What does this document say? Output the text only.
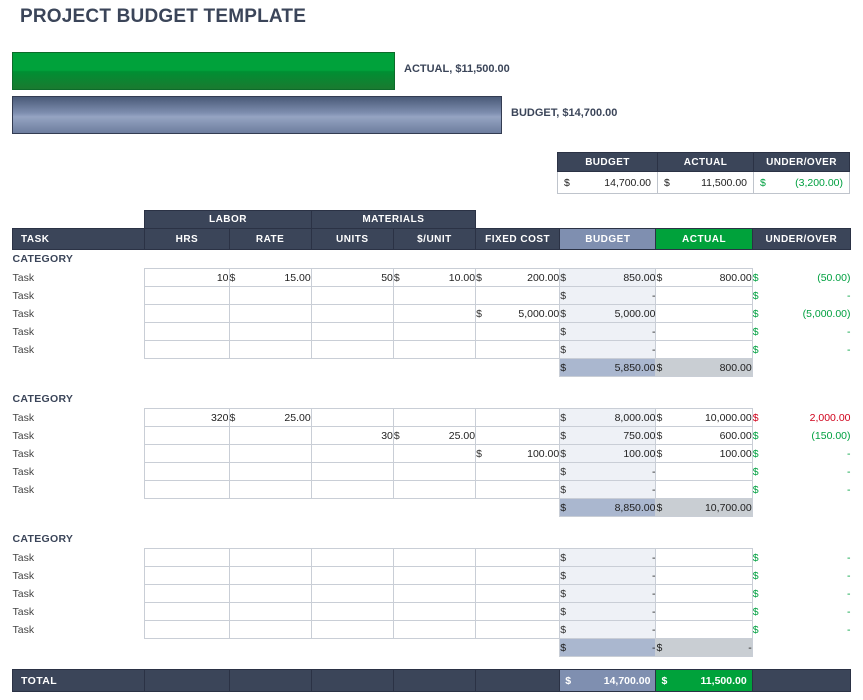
PROJECT BUDGET TEMPLATE
ACTUAL, $11,500.00
BUDGET, $14,700.00
BUDGET	ACTUAL	UNDER/OVER

$ 14,700.00	$ 11,500.00	$ (3,200.00)
	LABOR		MATERIALS					
TASK	HRS	RATE	UNITS	$/UNIT	FIXED COST	BUDGET	ACTUAL	UNDER/OVER
CATEGORY								
Task	10	$ 15.00	50	$ 10.00	$ 200.00	$ 850.00	$ 800.00	$ (50.00)

Task						$ -		$ -

Task					$ 5,000.00	$ 5,000.00		$ (5,000.00)

Task						$ -		$ -

Task						$ -		$ -

						$ 5,850.00	$ 800.00	

CATEGORY								
Task	320	$ 25.00				$ 8,000.00	$ 10,000.00	$ 2,000.00

Task			30	$ 25.00		$ 750.00	$ 600.00	$ (150.00)

Task					$ 100.00	$ 100.00	$ 100.00	$ -

Task						$ -		$ -

Task						$ -		$ -

						$ 8,850.00	$ 10,700.00	

CATEGORY								
Task						$ -		$ -

Task						$ -		$ -

Task						$ -		$ -

Task						$ -		$ -

Task						$ -		$ -

						$ -	$ -	

TOTAL						$ 14,700.00	$ 11,500.00	
